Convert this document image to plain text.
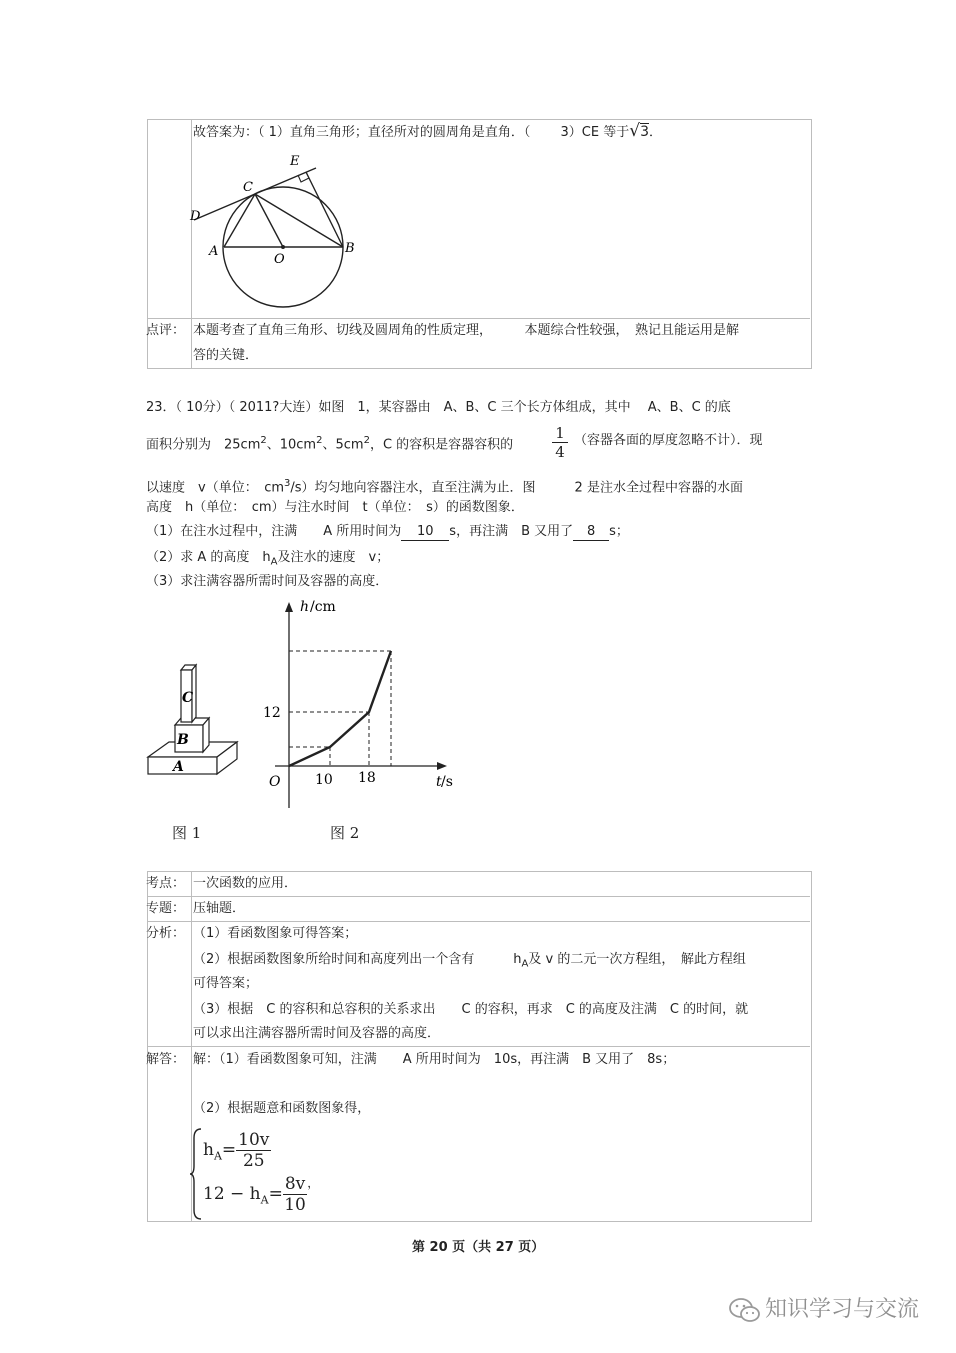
故答案为：（ 1）直角三角形；直径所对的圆周角是直角．（　　 3）CE 等于√3．
E
C
D
A
O
B
点评： 本题考查了直角三角形、切线及圆周角的性质定理，　　　本题综合性较强，　熟记且能运用是解
答的关键．
23．（ 10分）（ 2011?大连）如图　1，某容器由　A、B、C 三个长方体组成，其中　 A、B、C 的底
面积分别为　$25cm^2$、$10cm^2$、$5cm^2$，C 的容积是容器容积的
1
4
（容器各面的厚度忽略不计）．现
以速度　v（单位：　$cm^3/s$）均匀地向容器注水，直至注满为止．图　　　2 是注水全过程中容器的水面
高度　h（单位：　cm）与注水时间　t（单位：　s）的函数图象．
（1）在注水过程中，注满　　A 所用时间为 10 s，再注满　B 又用了 8 s；
（2）求 A 的高度　$h_A$及注水的速度　v；
（3）求注满容器所需时间及容器的高度．
C
B
A
图 1
h /cm
12
O 10 18	t /s
图 2
考点： 一次函数的应用．
专题： 压轴题．
分析： （1）看函数图象可得答案；
（2）根据函数图象所给时间和高度列出一个含有　　　$h_A$及 v 的二元一次方程组，　解此方程组
可得答案；
（3）根据　C 的容积和总容积的关系求出　　C 的容积，再求　C 的高度及注满　C 的时间，就
可以求出注满容器所需时间及容器的高度．
解答： 解：（1）看函数图象可知，注满　　A 所用时间为　10s，再注满　B 又用了　8s；
（2）根据题意和函数图象得，
$h_A= \frac{10v}{25}$
$12 - h_A= \frac{8v}{10}$ ，
第 20 页（共 27 页）
知识学习与交流
